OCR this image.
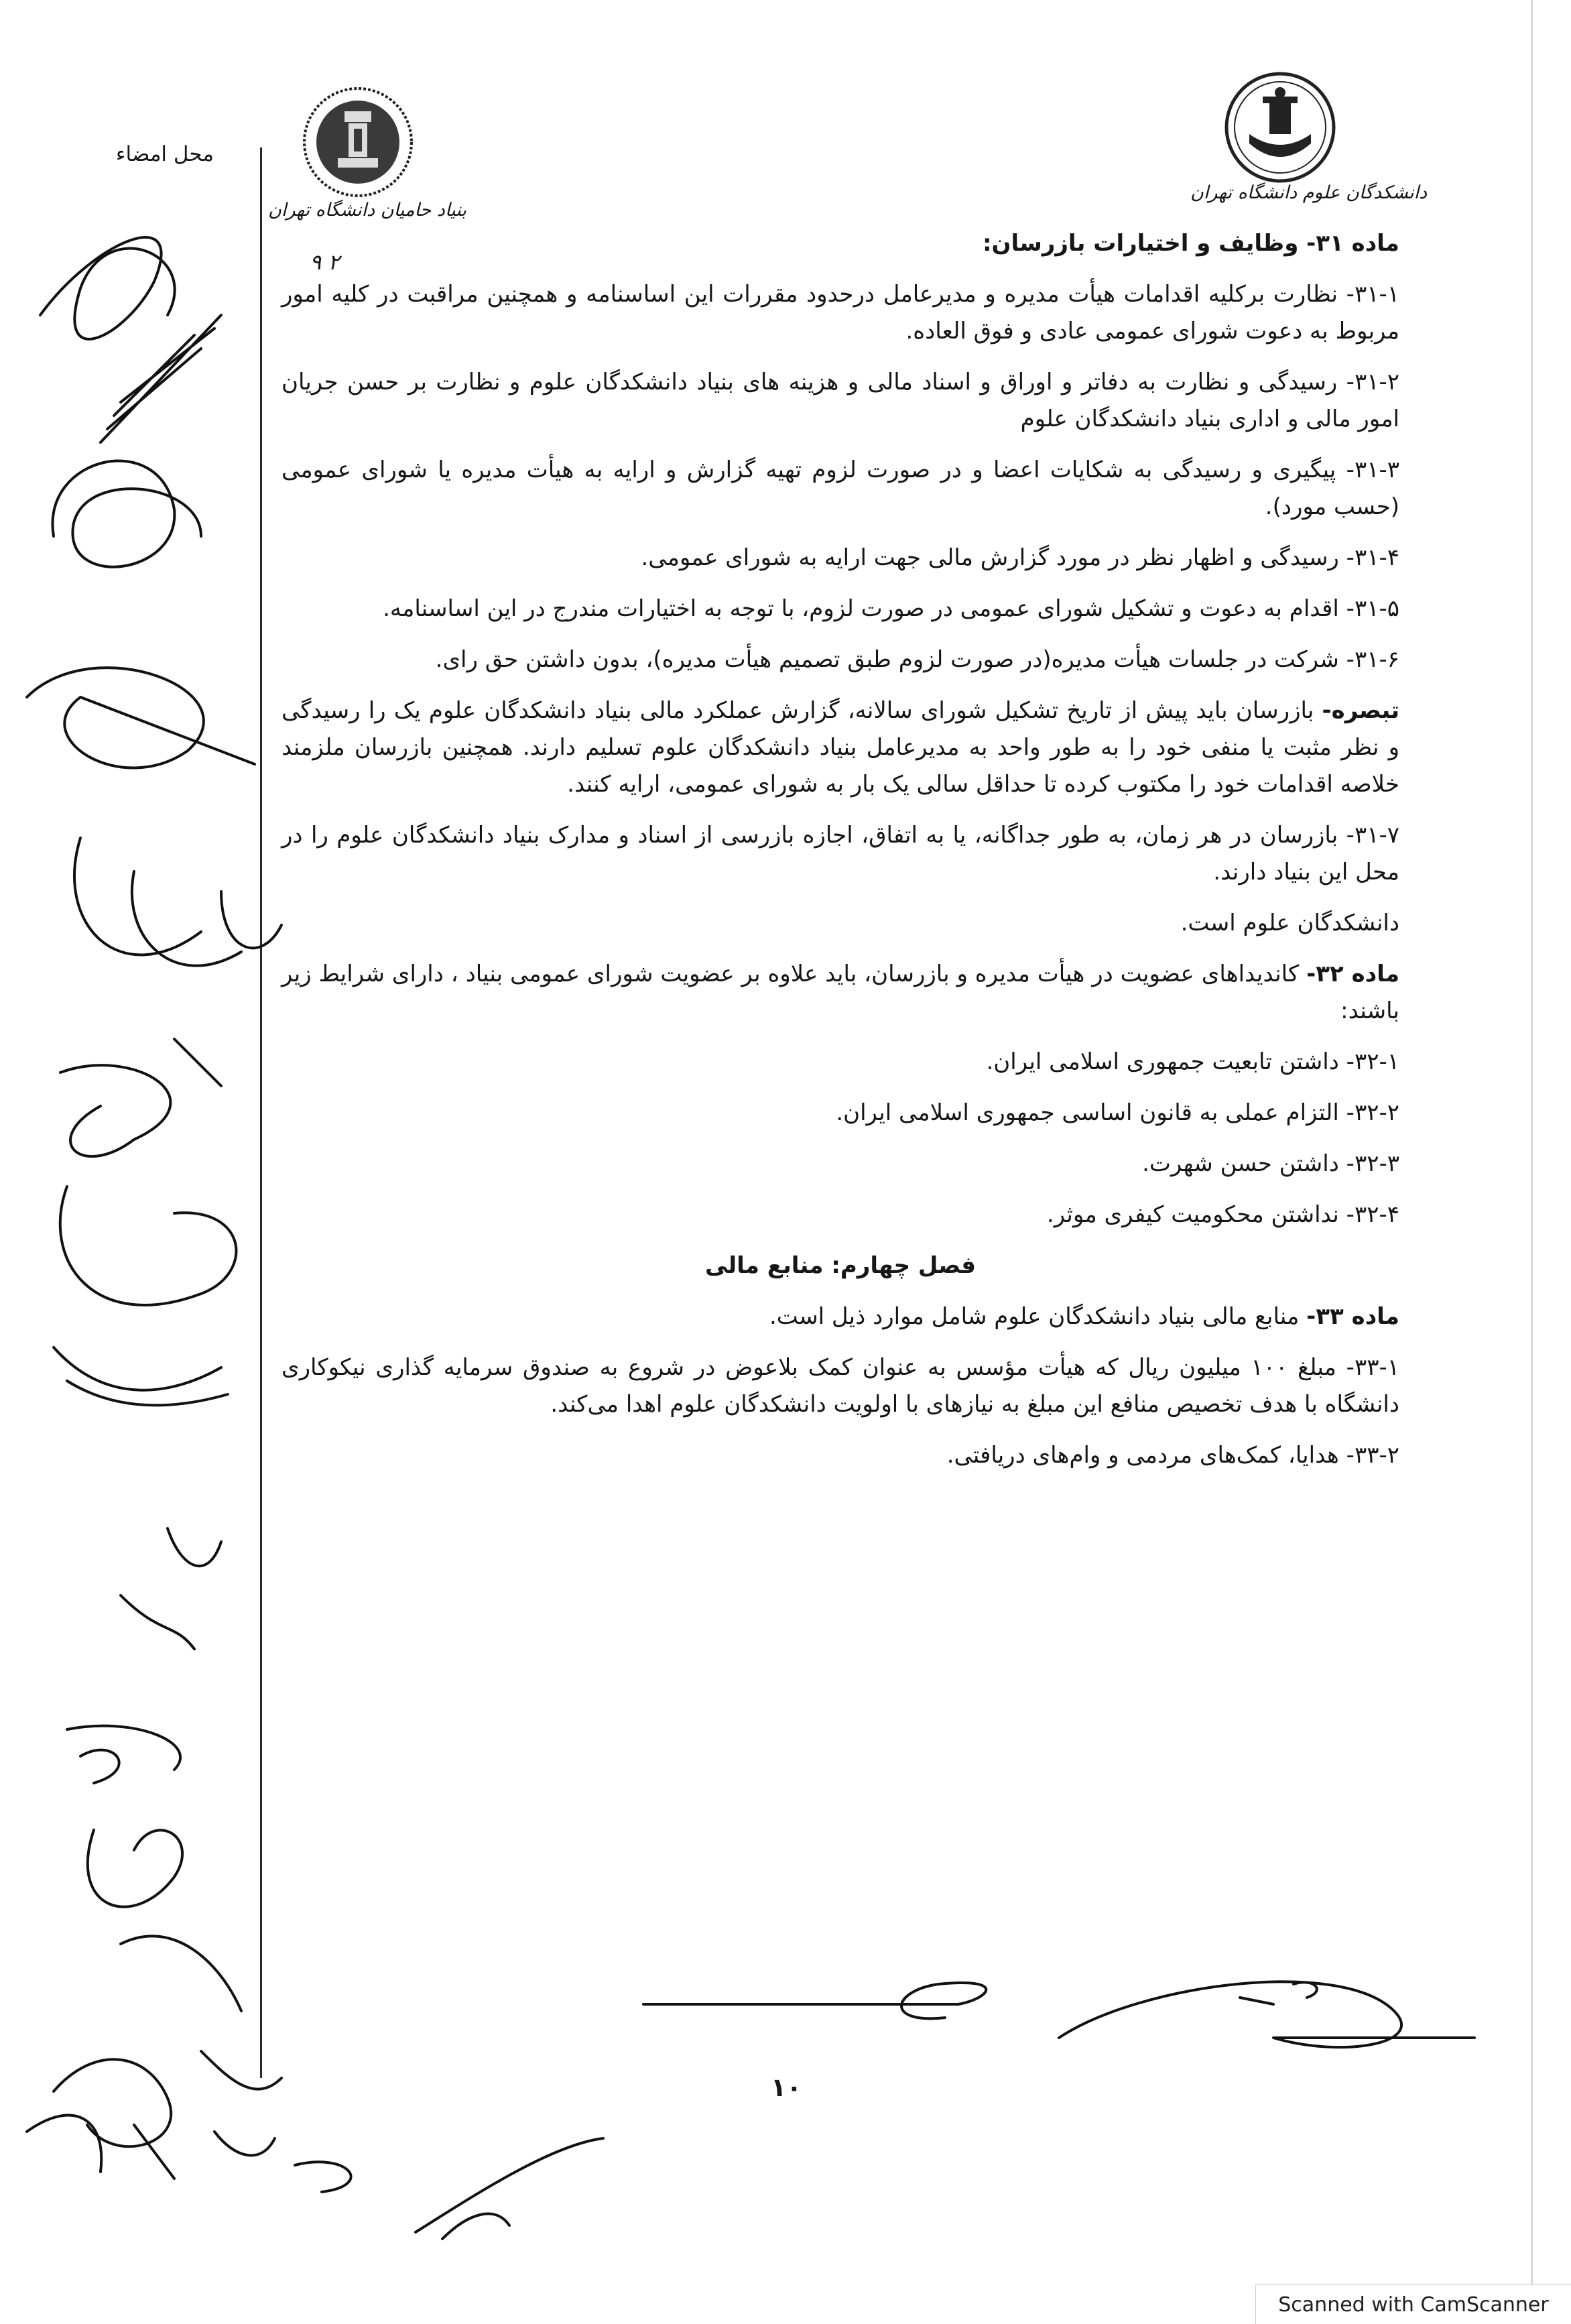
محل امضاء
بنیاد حامیان دانشگاه تهران
دانشکدگان علوم دانشگاه تهران
۲ ۹

ماده ۳۱- وظایف و اختیارات بازرسان:

۳۱-۱- نظارت برکلیه اقدامات هیأت مدیره و مدیرعامل درحدود مقررات این اساسنامه و همچنین مراقبت در کلیه امور مربوط به دعوت شورای عمومی عادی و فوق العاده.

۳۱-۲- رسیدگی و نظارت به دفاتر و اوراق و اسناد مالی و هزینه های بنیاد دانشکدگان علوم و نظارت بر حسن جریان امور مالی و اداری بنیاد دانشکدگان علوم

۳۱-۳- پیگیری و رسیدگی به شکایات اعضا و در صورت لزوم تهیه گزارش و ارایه به هیأت مدیره یا شورای عمومی (حسب مورد).

۳۱-۴- رسیدگی و اظهار نظر در مورد گزارش مالی جهت ارایه به شورای عمومی.

۳۱-۵- اقدام به دعوت و تشکیل شورای عمومی در صورت لزوم، با توجه به اختیارات مندرج در این اساسنامه.

۳۱-۶- شرکت در جلسات هیأت مدیره(در صورت لزوم طبق تصمیم هیأت مدیره)، بدون داشتن حق رای.

تبصره- بازرسان باید پیش از تاریخ تشکیل شورای سالانه، گزارش عملکرد مالی بنیاد دانشکدگان علوم یک را رسیدگی و نظر مثبت یا منفی خود را به طور واحد به مدیرعامل بنیاد دانشکدگان علوم تسلیم دارند. همچنین بازرسان ملزمند خلاصه اقدامات خود را مکتوب کرده تا حداقل سالی یک بار به شورای عمومی، ارایه کنند.

۳۱-۷- بازرسان در هر زمان، به طور جداگانه، یا به اتفاق، اجازه بازرسی از اسناد و مدارک بنیاد دانشکدگان علوم را در محل این بنیاد دارند.

دانشکدگان علوم است.

ماده ۳۲- کاندیداهای عضویت در هیأت مدیره و بازرسان، باید علاوه بر عضویت شورای عمومی بنیاد ، دارای شرایط زیر باشند:

۳۲-۱- داشتن تابعیت جمهوری اسلامی ایران.

۳۲-۲- التزام عملی به قانون اساسی جمهوری اسلامی ایران.

۳۲-۳- داشتن حسن شهرت.

۳۲-۴- نداشتن محکومیت کیفری موثر.

فصل چهارم: منابع مالی

ماده ۳۳- منابع مالی بنیاد دانشکدگان علوم شامل موارد ذیل است.

۳۳-۱- مبلغ ۱۰۰ میلیون ریال که هیأت مؤسس به عنوان کمک بلاعوض در شروع به صندوق سرمایه گذاری نیکوکاری دانشگاه با هدف تخصیص منافع این مبلغ به نیازهای با اولویت دانشکدگان علوم اهدا می‌کند.

۳۳-۲- هدایا، کمک‌های مردمی و وام‌های دریافتی.

۱۰
Scanned with CamScanner
